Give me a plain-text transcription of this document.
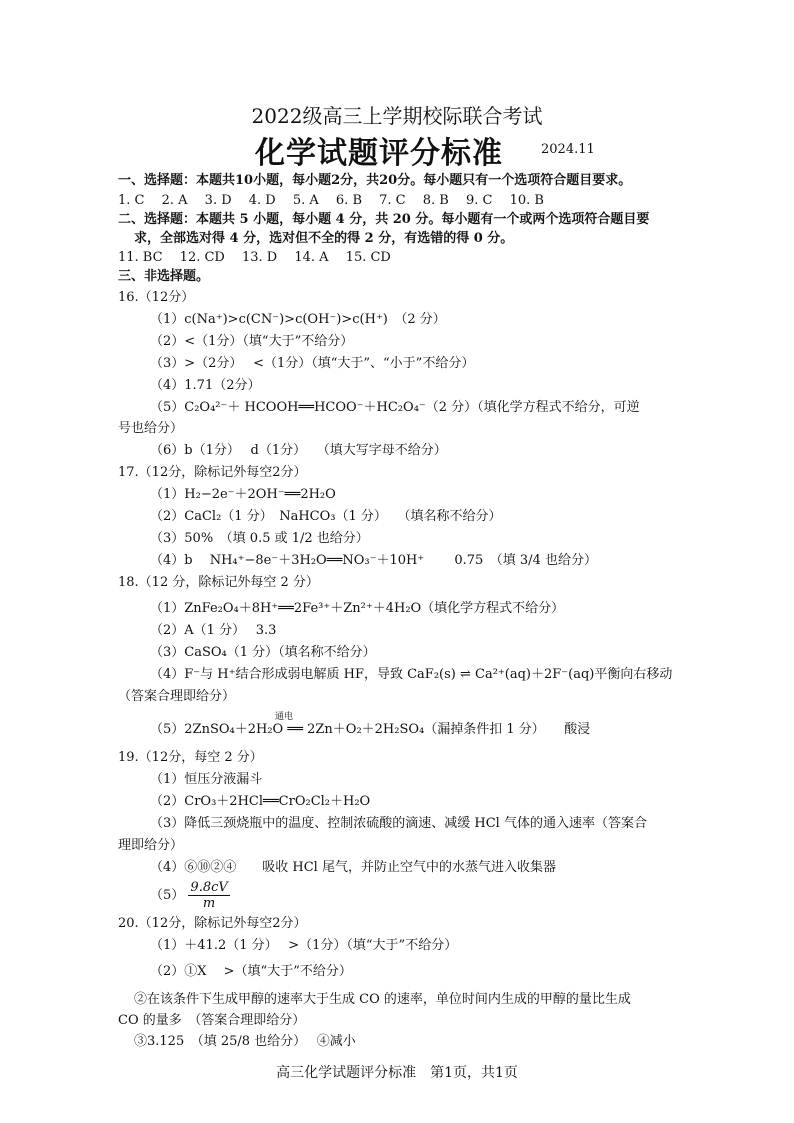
2022级高三上学期校际联合考试
化学试题评分标准	2024.11
一、选择题：本题共10小题，每小题2分，共20分。每小题只有一个选项符合题目要求。
1. C　 2. A　 3. D　 4. D　 5. A　 6. B　 7. C　 8. B　 9. C　 10. B
二、选择题：本题共 5 小题，每小题 4 分，共 20 分。每小题有一个或两个选项符合题目要
求，全部选对得 4 分，选对但不全的得 2 分，有选错的得 0 分。
11. BC　 12. CD　 13. D　 14. A　 15. CD
三、非选择题。
16.（12分）
（1）c(Na⁺)>c(CN⁻)>c(OH⁻)>c(H⁺)　（2 分）
（2）<（1分）（填“大于”不给分）
（3）>（2分）　 <（1分）（填“大于”、“小于”不给分）
（4）1.71（2分）
（5）C₂O₄²⁻＋ HCOOH══HCOO⁻＋HC₂O₄⁻（2 分）（填化学方程式不给分，可逆
号也给分）
（6）b（1分）　 d（1分）　 （填大写字母不给分）
17.（12分，除标记外每空2分）
（1）H₂−2e⁻＋2OH⁻══2H₂O
（2）CaCl₂（1 分）　NaHCO₃（1 分）　 （填名称不给分）
（3）50%　（填 0.5 或 1/2 也给分）
（4）b　 NH₄⁺−8e⁻＋3H₂O══NO₃⁻＋10H⁺　　 0.75　（填 3/4 也给分）
18.（12 分，除标记外每空 2 分）
（1）ZnFe₂O₄＋8H⁺══2Fe³⁺＋Zn²⁺＋4H₂O（填化学方程式不给分）
（2）A（1 分）　 3.3
（3）CaSO₄（1 分）（填名称不给分）
（4）F⁻与 H⁺结合形成弱电解质 HF，导致 CaF₂(s) ⇌ Ca²⁺(aq)＋2F⁻(aq)平衡向右移动
（答案合理即给分）
通电
（5）2ZnSO₄＋2H₂O ══ 2Zn＋O₂＋2H₂SO₄（漏掉条件扣 1 分）　　酸浸
19.（12分，每空 2 分）
（1）恒压分液漏斗
（2）CrO₃＋2HCl══CrO₂Cl₂＋H₂O
（3）降低三颈烧瓶中的温度、控制浓硫酸的滴速、减缓 HCl 气体的通入速率（答案合
理即给分）
（4）⑥⑩②④　　吸收 HCl 尾气，并防止空气中的水蒸气进入收集器
$(5) \frac{9.8cV}{m}$
20.（12分，除标记外每空2分）
（1）＋41.2（1 分）　 >（1分）（填“大于”不给分）
（2）①X　 >（填“大于”不给分）
②在该条件下生成甲醇的速率大于生成 CO 的速率，单位时间内生成的甲醇的量比生成
CO 的量多　（答案合理即给分）
③3.125　（填 25/8 也给分）　 ④减小
高三化学试题评分标准　第1页，共1页
